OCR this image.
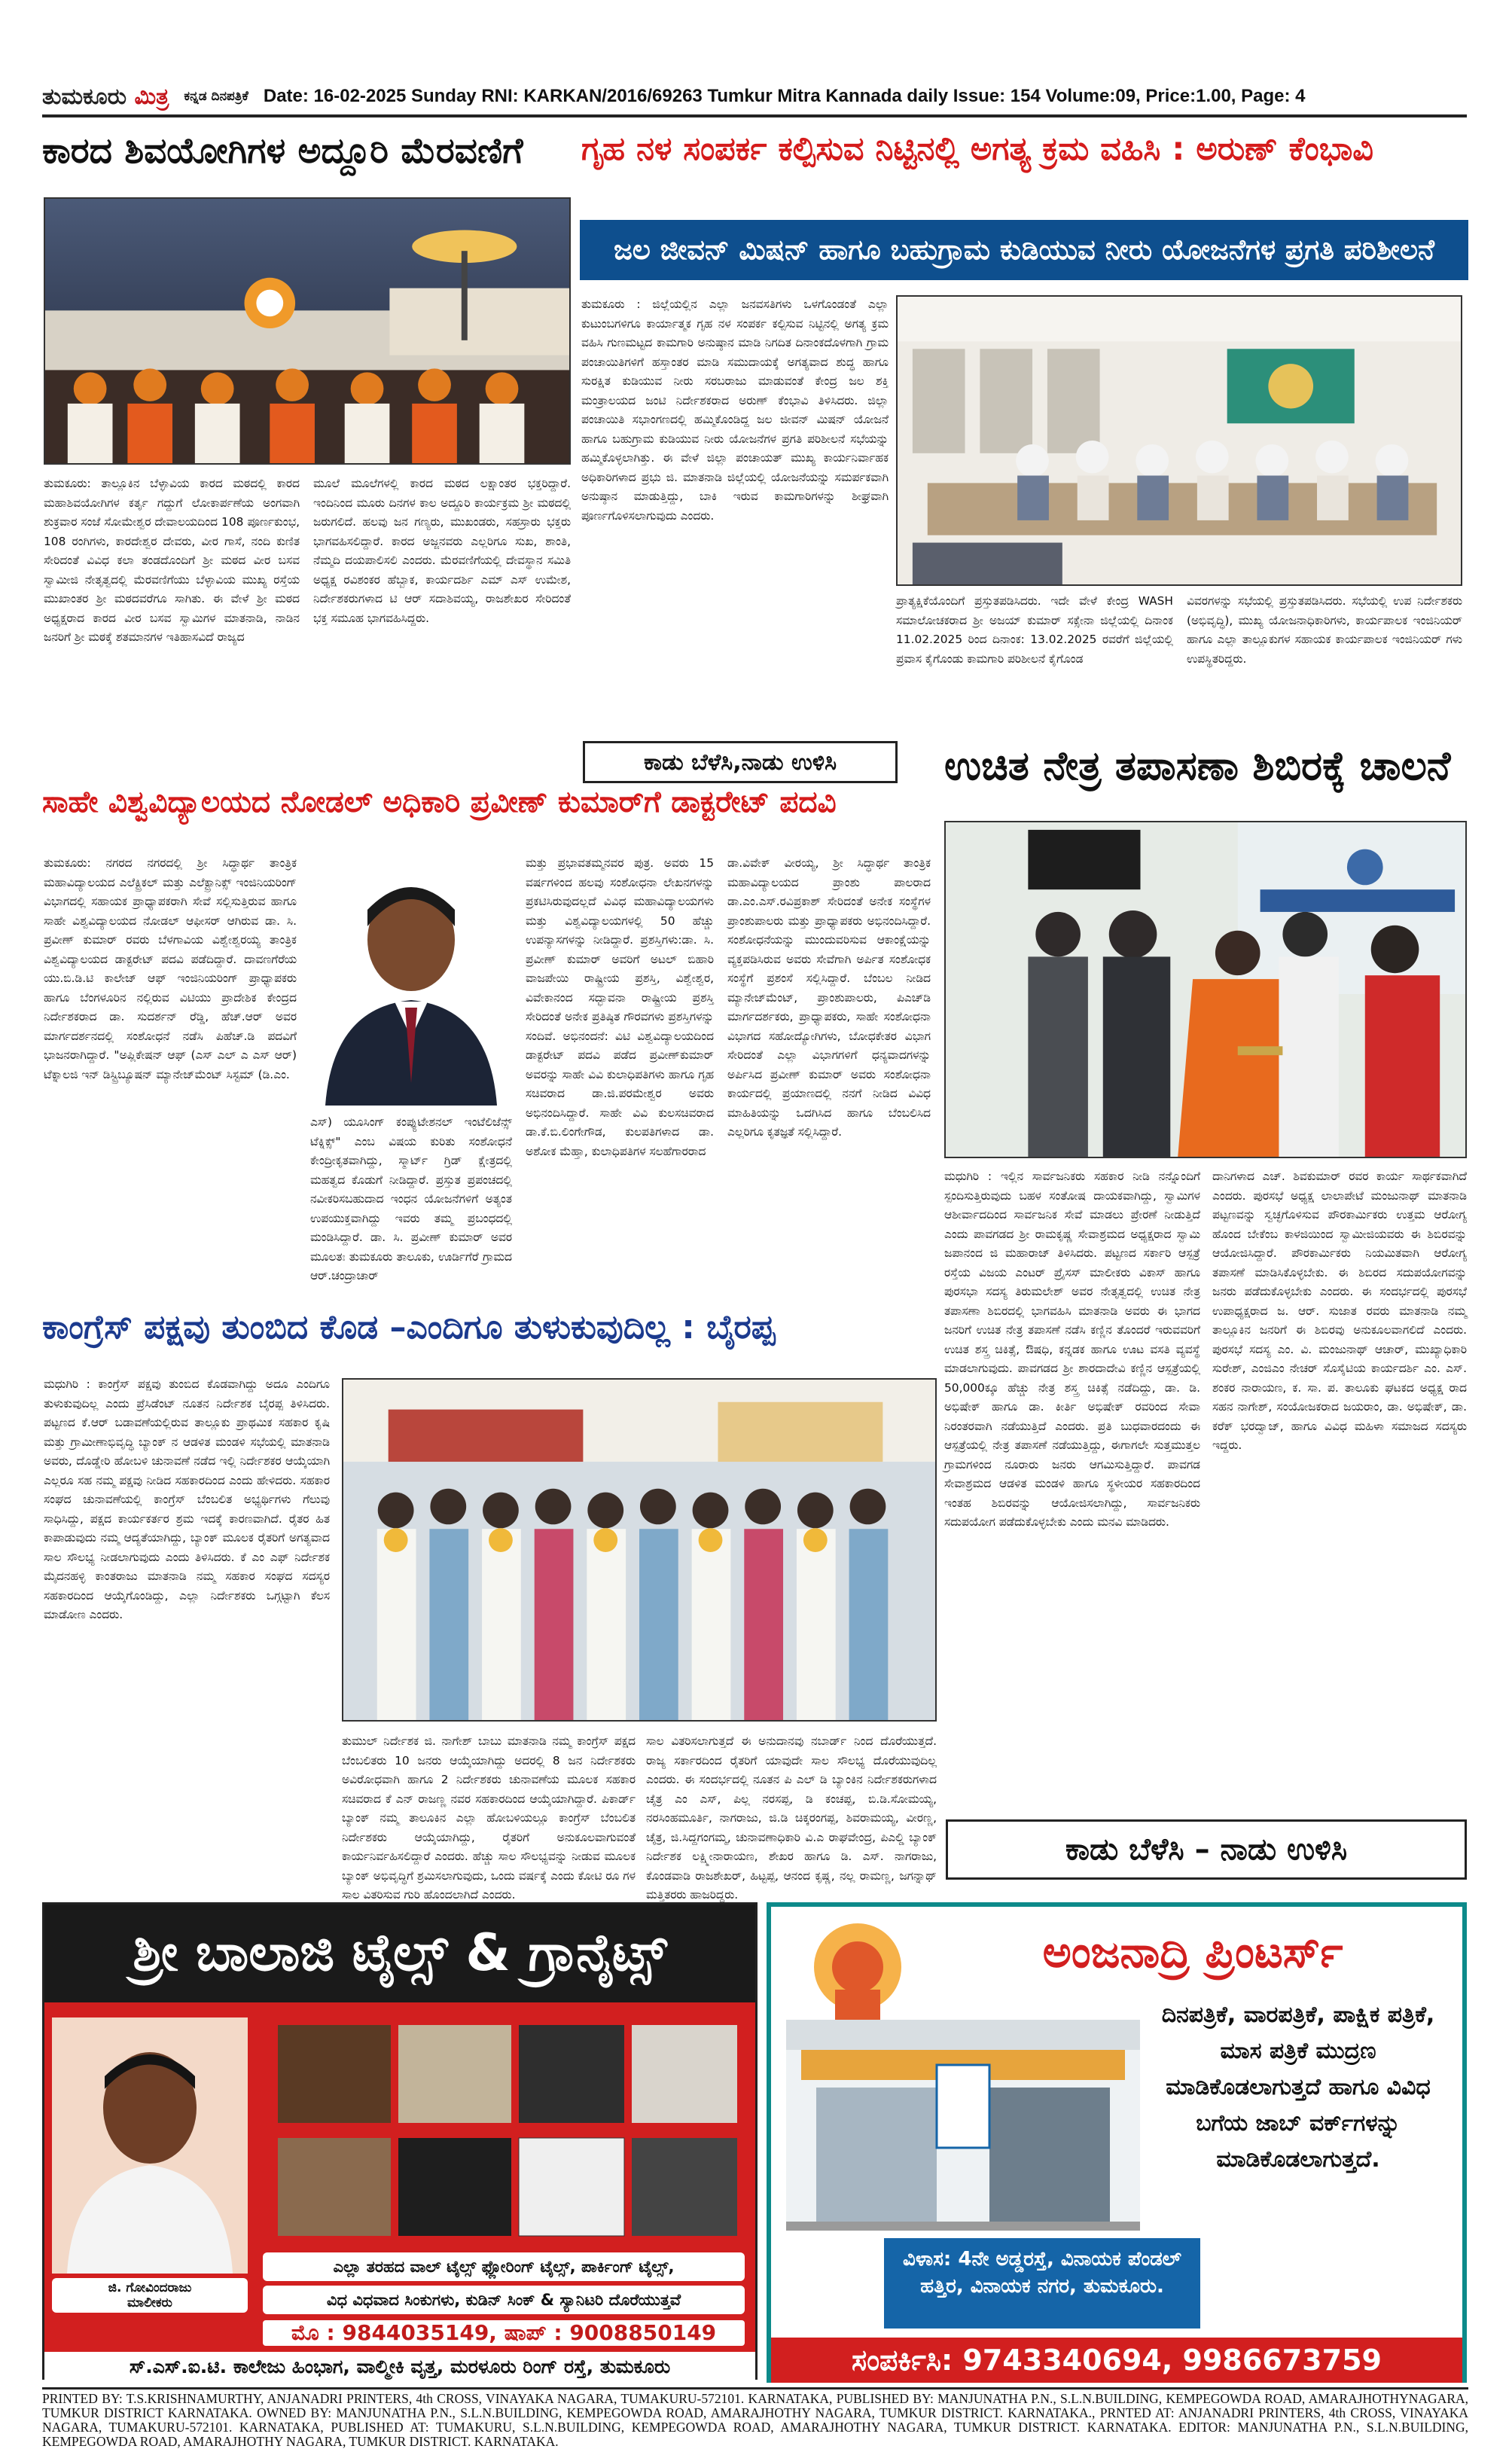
ತುಮಕೂರು ಮಿತ್ರ ಕನ್ನಡ ದಿನಪತ್ರಿಕೆ Date: 16-02-2025 Sunday RNI: KARKAN/2016/69263 Tumkur Mitra Kannada daily Issue: 154 Volume:09, Price:1.00, Page: 4
ಕಾರದ ಶಿವಯೋಗಿಗಳ ಅದ್ದೂರಿ ಮೆರವಣಿಗೆ
ತುಮಕೂರು: ತಾಲ್ಲೂಕಿನ ಬೆಳ್ಳಾವಿಯ ಕಾರದ ಮಠದಲ್ಲಿ ಕಾರದ ಮಹಾಶಿವಯೋಗಿಗಳ ಕರ್ತೃ ಗದ್ದುಗೆ ಲೋಕಾರ್ಪಣೆಯ ಅಂಗವಾಗಿ ಶುಕ್ರವಾರ ಸಂಜೆ ಸೋಮೇಶ್ವರ ದೇವಾಲಯದಿಂದ 108 ಪೂರ್ಣಕುಂಭ, 108 ರಂಗಿಗಳು, ಕಾರದೇಶ್ವರ ದೇವರು, ವೀರ ಗಾಸೆ, ನಂದಿ ಕುಣಿತ ಸೇರಿದಂತೆ ವಿವಿಧ ಕಲಾ ತಂಡದೊಂದಿಗೆ ಶ್ರೀ ಮಠದ ವೀರ ಬಸವ ಸ್ವಾಮೀಜಿ ನೇತೃತ್ವದಲ್ಲಿ ಮೆರವಣಿಗೆಯು ಬೆಳ್ಳಾವಿಯ ಮುಖ್ಯ ರಸ್ತೆಯ ಮುಖಾಂತರ ಶ್ರೀ ಮಠದವರೆಗೂ ಸಾಗಿತು. ಈ ವೇಳೆ ಶ್ರೀ ಮಠದ ಅಧ್ಯಕ್ಷರಾದ ಕಾರದ ವೀರ ಬಸವ ಸ್ವಾಮಿಗಳ ಮಾತನಾಡಿ, ನಾಡಿನ ಜನರಿಗೆ ಶ್ರೀ ಮಠಕ್ಕೆ ಶತಮಾನಗಳ ಇತಿಹಾಸವಿದೆ ರಾಜ್ಯದ
ಮೂಲೆ ಮೂಲೆಗಳಲ್ಲಿ ಕಾರದ ಮಠದ ಲಕ್ಷಾಂತರ ಭಕ್ತರಿದ್ದಾರೆ. ಇಂದಿನಿಂದ ಮೂರು ದಿನಗಳ ಕಾಲ ಅದ್ದೂರಿ ಕಾರ್ಯಕ್ರಮ ಶ್ರೀ ಮಠದಲ್ಲಿ ಜರುಗಲಿದೆ. ಹಲವು ಜನ ಗಣ್ಯರು, ಮುಖಂಡರು, ಸಹಸ್ರಾರು ಭಕ್ತರು ಭಾಗವಹಿಸಲಿದ್ದಾರೆ. ಕಾರದ ಅಜ್ಜನವರು ಎಲ್ಲರಿಗೂ ಸುಖ, ಶಾಂತಿ, ನೆಮ್ಮದಿ ದಯಪಾಲಿಸಲಿ ಎಂದರು. ಮೆರವಣಿಗೆಯಲ್ಲಿ ದೇವಸ್ಥಾನ ಸಮಿತಿ ಅಧ್ಯಕ್ಷ ರವಿಶಂಕರ ಹೆಬ್ಬಾಕ, ಕಾರ್ಯದರ್ಶಿ ಎಮ್ ಎಸ್ ಉಮೇಶ, ನಿರ್ದೇಶಕರುಗಳಾದ ಟಿ ಆರ್ ಸದಾಶಿವಯ್ಯ, ರಾಜಶೇಖರ ಸೇರಿದಂತೆ ಭಕ್ತ ಸಮೂಹ ಭಾಗವಹಿಸಿದ್ದರು.
ಗೃಹ ನಳ ಸಂಪರ್ಕ ಕಲ್ಪಿಸುವ ನಿಟ್ಟಿನಲ್ಲಿ ಅಗತ್ಯ ಕ್ರಮ ವಹಿಸಿ : ಅರುಣ್ ಕೆಂಭಾವಿ
ಜಲ ಜೀವನ್ ಮಿಷನ್ ಹಾಗೂ ಬಹುಗ್ರಾಮ ಕುಡಿಯುವ ನೀರು ಯೋಜನೆಗಳ ಪ್ರಗತಿ ಪರಿಶೀಲನೆ
ತುಮಕೂರು : ಜಿಲ್ಲೆಯಲ್ಲಿನ ಎಲ್ಲಾ ಜನವಸತಿಗಳು ಒಳಗೊಂಡಂತೆ ಎಲ್ಲಾ ಕುಟುಂಬಗಳಿಗೂ ಕಾರ್ಯಾತ್ಮಕ ಗೃಹ ನಳ ಸಂಪರ್ಕ ಕಲ್ಪಿಸುವ ನಿಟ್ಟಿನಲ್ಲಿ ಅಗತ್ಯ ಕ್ರಮ ವಹಿಸಿ ಗುಣಮಟ್ಟದ ಕಾಮಗಾರಿ ಅನುಷ್ಠಾನ ಮಾಡಿ ನಿಗದಿತ ದಿನಾಂಕದೊಳಗಾಗಿ ಗ್ರಾಮ ಪಂಚಾಯಿತಿಗಳಿಗೆ ಹಸ್ತಾಂತರ ಮಾಡಿ ಸಮುದಾಯಕ್ಕೆ ಅಗತ್ಯವಾದ ಶುದ್ಧ ಹಾಗೂ ಸುರಕ್ಷಿತ ಕುಡಿಯುವ ನೀರು ಸರಬರಾಜು ಮಾಡುವಂತೆ ಕೇಂದ್ರ ಜಲ ಶಕ್ತಿ ಮಂತ್ರಾಲಯದ ಜಂಟಿ ನಿರ್ದೇಶಕರಾದ ಅರುಣ್ ಕೆಂಭಾವಿ ತಿಳಿಸಿದರು. ಜಿಲ್ಲಾ ಪಂಚಾಯಿತಿ ಸಭಾಂಗಣದಲ್ಲಿ ಹಮ್ಮಿಕೊಂಡಿದ್ದ ಜಲ ಜೀವನ್ ಮಿಷನ್ ಯೋಜನೆ ಹಾಗೂ ಬಹುಗ್ರಾಮ ಕುಡಿಯುವ ನೀರು ಯೋಜನೆಗಳ ಪ್ರಗತಿ ಪರಿಶೀಲನೆ ಸಭೆಯನ್ನು ಹಮ್ಮಿಕೊಳ್ಳಲಾಗಿತ್ತು. ಈ ವೇಳೆ ಜಿಲ್ಲಾ ಪಂಚಾಯತ್ ಮುಖ್ಯ ಕಾರ್ಯನಿರ್ವಾಹಕ ಅಧಿಕಾರಿಗಳಾದ ಪ್ರಭು ಜಿ. ಮಾತನಾಡಿ ಜಿಲ್ಲೆಯಲ್ಲಿ ಯೋಜನೆಯನ್ನು ಸಮರ್ಪಕವಾಗಿ ಅನುಷ್ಠಾನ ಮಾಡುತ್ತಿದ್ದು, ಬಾಕಿ ಇರುವ ಕಾಮಗಾರಿಗಳನ್ನು ಶೀಘ್ರವಾಗಿ ಪೂರ್ಣಗೊಳಿಸಲಾಗುವುದು ಎಂದರು.
ಪ್ರಾತ್ಯಕ್ಷಿಕೆಯೊಂದಿಗೆ ಪ್ರಸ್ತುತಪಡಿಸಿದರು. ಇದೇ ವೇಳೆ ಕೇಂದ್ರ WASH ಸಮಾಲೋಚಕರಾದ ಶ್ರೀ ಅಜಯ್ ಕುಮಾರ್ ಸಕ್ಸೇನಾ ಜಿಲ್ಲೆಯಲ್ಲಿ ದಿನಾಂಕ 11.02.2025 ರಿಂದ ದಿನಾಂಕ: 13.02.2025 ರವರೆಗೆ ಜಿಲ್ಲೆಯಲ್ಲಿ ಪ್ರವಾಸ ಕೈಗೊಂಡು ಕಾಮಗಾರಿ ಪರಿಶೀಲನೆ ಕೈಗೊಂಡ
ವಿವರಗಳನ್ನು ಸಭೆಯಲ್ಲಿ ಪ್ರಸ್ತುತಪಡಿಸಿದರು. ಸಭೆಯಲ್ಲಿ ಉಪ ನಿರ್ದೇಶಕರು (ಅಭಿವೃದ್ಧಿ), ಮುಖ್ಯ ಯೋಜನಾಧಿಕಾರಿಗಳು, ಕಾರ್ಯಪಾಲಕ ಇಂಜಿನಿಯರ್ ಹಾಗೂ ಎಲ್ಲಾ ತಾಲ್ಲೂಕುಗಳ ಸಹಾಯಕ ಕಾರ್ಯಪಾಲಕ ಇಂಜಿನಿಯರ್ ಗಳು ಉಪಸ್ಥಿತರಿದ್ದರು.
ಕಾಡು ಬೆಳೆಸಿ,ನಾಡು ಉಳಿಸಿ	ಉಚಿತ ನೇತ್ರ ತಪಾಸಣಾ ಶಿಬಿರಕ್ಕೆ ಚಾಲನೆ
ಮಧುಗಿರಿ : ಇಲ್ಲಿನ ಸಾರ್ವಜನಿಕರು ಸಹಕಾರ ನೀಡಿ ನನ್ನೊಂದಿಗೆ ಸ್ಪಂದಿಸುತ್ತಿರುವುದು ಬಹಳ ಸಂತೋಷ ದಾಯಕವಾಗಿದ್ದು, ಸ್ವಾಮಿಗಳ ಆಶೀರ್ವಾದದಿಂದ ಸಾರ್ವಜನಿಕ ಸೇವೆ ಮಾಡಲು ಪ್ರೇರಣೆ ನೀಡುತ್ತಿದೆ ಎಂದು ಪಾವಗಡದ ಶ್ರೀ ರಾಮಕೃಷ್ಣ ಸೇವಾಶ್ರಮದ ಅಧ್ಯಕ್ಷರಾದ ಸ್ವಾಮಿ ಜಪಾನಂದ ಜಿ ಮಹಾರಾಜ್ ತಿಳಿಸಿದರು. ಪಟ್ಟಣದ ಸರ್ಕಾರಿ ಆಸ್ಪತ್ರೆ ರಸ್ತೆಯ ವಿಜಯ ಎಂಟರ್ ಪ್ರೈಸಸ್ ಮಾಲೀಕರು ವಿಕಾಸ್ ಹಾಗೂ ಪುರಸಭಾ ಸದಸ್ಯ ತಿರುಮಲೇಶ್ ಅವರ ನೇತೃತ್ವದಲ್ಲಿ ಉಚಿತ ನೇತ್ರ ತಪಾಸಣಾ ಶಿಬಿರದಲ್ಲಿ ಭಾಗವಹಿಸಿ ಮಾತನಾಡಿ ಅವರು ಈ ಭಾಗದ ಜನರಿಗೆ ಉಚಿತ ನೇತ್ರ ತಪಾಸಣೆ ನಡೆಸಿ ಕಣ್ಣಿನ ತೊಂದರೆ ಇರುವವರಿಗೆ ಉಚಿತ ಶಸ್ತ್ರ ಚಿಕಿತ್ಸೆ, ಔಷಧಿ, ಕನ್ನಡಕ ಹಾಗೂ ಊಟ ವಸತಿ ವ್ಯವಸ್ಥೆ ಮಾಡಲಾಗುವುದು. ಪಾವಗಡದ ಶ್ರೀ ಶಾರದಾದೇವಿ ಕಣ್ಣಿನ ಆಸ್ಪತ್ರೆಯಲ್ಲಿ 50,000ಕ್ಕೂ ಹೆಚ್ಚು ನೇತ್ರ ಶಸ್ತ್ರ ಚಿಕಿತ್ಸೆ ನಡೆದಿದ್ದು, ಡಾ. ಡಿ. ಅಭಿಷೇಕ್ ಹಾಗೂ ಡಾ. ಕೀರ್ತಿ ಅಭಿಷೇಕ್ ರವರಿಂದ ಸೇವಾ ನಿರಂತರವಾಗಿ ನಡೆಯುತ್ತಿದೆ ಎಂದರು. ಪ್ರತಿ ಬುಧವಾರದಂದು ಈ ಆಸ್ಪತ್ರೆಯಲ್ಲಿ ನೇತ್ರ ತಪಾಸಣೆ ನಡೆಯುತ್ತಿದ್ದು, ಈಗಾಗಲೇ ಸುತ್ತಮುತ್ತಲ ಗ್ರಾಮಗಳಿಂದ ನೂರಾರು ಜನರು ಆಗಮಿಸುತ್ತಿದ್ದಾರೆ. ಪಾವಗಡ ಸೇವಾಶ್ರಮದ ಆಡಳಿತ ಮಂಡಳಿ ಹಾಗೂ ಸ್ಥಳೀಯರ ಸಹಕಾರದಿಂದ ಇಂತಹ ಶಿಬಿರವನ್ನು ಆಯೋಜಿಸಲಾಗಿದ್ದು, ಸಾರ್ವಜನಿಕರು ಸದುಪಯೋಗ ಪಡೆದುಕೊಳ್ಳಬೇಕು ಎಂದು ಮನವಿ ಮಾಡಿದರು.
ದಾನಿಗಳಾದ ಎಚ್. ಶಿವಕುಮಾರ್ ರವರ ಕಾರ್ಯ ಸಾರ್ಥಕವಾಗಿದೆ ಎಂದರು. ಪುರಸಭೆ ಅಧ್ಯಕ್ಷ ಲಾಲಾಪೇಟೆ ಮಂಜುನಾಥ್ ಮಾತನಾಡಿ ಪಟ್ಟಣವನ್ನು ಸ್ವಚ್ಛಗೊಳಿಸುವ ಪೌರಕಾರ್ಮಿಕರು ಉತ್ತಮ ಆರೋಗ್ಯ ಹೊಂದ ಬೇಕೆಂಬ ಕಾಳಜಿಯಿಂದ ಸ್ವಾಮೀಜಿಯವರು ಈ ಶಿಬಿರವನ್ನು ಆಯೋಜಿಸಿದ್ದಾರೆ. ಪೌರಕಾರ್ಮಿಕರು ನಿಯಮಿತವಾಗಿ ಆರೋಗ್ಯ ತಪಾಸಣೆ ಮಾಡಿಸಿಕೊಳ್ಳಬೇಕು. ಈ ಶಿಬಿರದ ಸದುಪಯೋಗವನ್ನು ಜನರು ಪಡೆದುಕೊಳ್ಳಬೇಕು ಎಂದರು. ಈ ಸಂದರ್ಭದಲ್ಲಿ ಪುರಸಭೆ ಉಪಾಧ್ಯಕ್ಷರಾದ ಜ. ಆರ್. ಸುಜಾತ ರವರು ಮಾತನಾಡಿ ನಮ್ಮ ತಾಲ್ಲೂಕಿನ ಜನರಿಗೆ ಈ ಶಿಬಿರವು ಅನುಕೂಲವಾಗಲಿದೆ ಎಂದರು. ಪುರಸಭೆ ಸದಸ್ಯ ಎಂ. ವಿ. ಮಂಜುನಾಥ್ ಆಚಾರ್, ಮುಖ್ಯಾಧಿಕಾರಿ ಸುರೇಶ್, ಎಂಜಿಎಂ ನೇಚರ್ ಸೊಸೈಟಿಯ ಕಾರ್ಯದರ್ಶಿ ಎಂ. ಎಸ್. ಶಂಕರ ನಾರಾಯಣ, ಕ. ಸಾ. ಪ. ತಾಲೂಕು ಘಟಕದ ಅಧ್ಯಕ್ಷ ರಾದ ಸಹನ ನಾಗೇಶ್, ಸಂಯೋಜಕರಾದ ಜಯರಾಂ, ಡಾ. ಅಭಿಷೇಕ್, ಡಾ. ಕರೆಕ್ ಭರದ್ವಾಜ್, ಹಾಗೂ ವಿವಿಧ ಮಹಿಳಾ ಸಮಾಜದ ಸದಸ್ಯರು ಇದ್ದರು.
ಸಾಹೇ ವಿಶ್ವವಿದ್ಯಾಲಯದ ನೋಡಲ್ ಅಧಿಕಾರಿ ಪ್ರವೀಣ್ ಕುಮಾರ್‌ಗೆ ಡಾಕ್ಟರೇಟ್ ಪದವಿ
ತುಮಕೂರು: ನಗರದ ನಗರದಲ್ಲಿ ಶ್ರೀ ಸಿದ್ಧಾರ್ಥ ತಾಂತ್ರಿಕ ಮಹಾವಿದ್ಯಾಲಯದ ಎಲೆಕ್ಟ್ರಿಕಲ್ ಮತ್ತು ಎಲೆಕ್ಟ್ರಾನಿಕ್ಸ್ ಇಂಜಿನಿಯರಿಂಗ್ ವಿಭಾಗದಲ್ಲಿ ಸಹಾಯಕ ಪ್ರಾಧ್ಯಾಪಕರಾಗಿ ಸೇವೆ ಸಲ್ಲಿಸುತ್ತಿರುವ ಹಾಗೂ ಸಾಹೇ ವಿಶ್ವವಿದ್ಯಾಲಯದ ನೋಡಲ್ ಆಫೀಸರ್ ಆಗಿರುವ ಡಾ. ಸಿ. ಪ್ರವೀಣ್ ಕುಮಾರ್ ರವರು ಬೆಳಗಾವಿಯ ವಿಶ್ವೇಶ್ವರಯ್ಯ ತಾಂತ್ರಿಕ ವಿಶ್ವವಿದ್ಯಾಲಯದ ಡಾಕ್ಟರೇಟ್ ಪದವಿ ಪಡೆದಿದ್ದಾರೆ. ದಾವಣಗೆರೆಯ ಯು.ಬಿ.ಡಿ.ಟಿ ಕಾಲೇಜ್ ಆಫ್ ಇಂಜಿನಿಯರಿಂಗ್ ಪ್ರಾಧ್ಯಾಪಕರು ಹಾಗೂ ಬೆಂಗಳೂರಿನ ನಲ್ಲಿರುವ ವಿಟಿಯು ಪ್ರಾದೇಶಿಕ ಕೇಂದ್ರದ ನಿರ್ದೇಶಕರಾದ ಡಾ. ಸುದರ್ಶನ್ ರೆಡ್ಡಿ, ಹೆಚ್.ಆರ್ ಅವರ ಮಾರ್ಗದರ್ಶನದಲ್ಲಿ ಸಂಶೋಧನೆ ನಡೆಸಿ ಪಿಹೆಚ್.ಡಿ ಪದವಿಗೆ ಭಾಜನರಾಗಿದ್ದಾರೆ. "ಅಪ್ಲಿಕೇಷನ್ ಆಫ್ (ಎಸ್ ಎಲ್ ಎ ಎಸ್ ಆರ್) ಟೆಕ್ನಾಲಜಿ ಇನ್ ಡಿಸ್ಟ್ರಿಬ್ಯೂಷನ್ ಮ್ಯಾನೇಜ್‌ಮೆಂಟ್ ಸಿಸ್ಟಮ್ (ಡಿ.ಎಂ.
ಎಸ್) ಯೂಸಿಂಗ್ ಕಂಪ್ಯುಟೇಶನಲ್ ಇಂಟೆಲಿಜೆನ್ಸ್ ಟೆಕ್ನಿಕ್ಸ್" ಎಂಬ ವಿಷಯ ಕುರಿತು ಸಂಶೋಧನೆ ಕೇಂದ್ರೀಕೃತವಾಗಿದ್ದು, ಸ್ಮಾರ್ಟ್ ಗ್ರಿಡ್ ಕ್ಷೇತ್ರದಲ್ಲಿ ಮಹತ್ವದ ಕೊಡುಗೆ ನೀಡಿದ್ದಾರೆ. ಪ್ರಸ್ತುತ ಪ್ರಪಂಚದಲ್ಲಿ ನವೀಕರಿಸಬಹುದಾದ ಇಂಧನ ಯೋಜನೆಗಳಿಗೆ ಅತ್ಯಂತ ಉಪಯುಕ್ತವಾಗಿದ್ದು ಇವರು ತಮ್ಮ ಪ್ರಬಂಧದಲ್ಲಿ ಮಂಡಿಸಿದ್ದಾರೆ. ಡಾ. ಸಿ. ಪ್ರವೀಣ್ ಕುಮಾರ್ ಅವರ ಮೂಲತಃ ತುಮಕೂರು ತಾಲೂಕು, ಊರ್ಡಿಗೆರೆ ಗ್ರಾಮದ ಆರ್.ಚಂದ್ರಾಚಾರ್
ಮತ್ತು ಪ್ರಭಾವತಮ್ಮನವರ ಪುತ್ರ. ಅವರು 15 ವರ್ಷಗಳಿಂದ ಹಲವು ಸಂಶೋಧನಾ ಲೇಖನಗಳನ್ನು ಪ್ರಕಟಿಸಿರುವುದಲ್ಲದೆ ವಿವಿಧ ಮಹಾವಿದ್ಯಾಲಯಗಳು ಮತ್ತು ವಿಶ್ವವಿದ್ಯಾಲಯಗಳಲ್ಲಿ 50 ಹೆಚ್ಚು ಉಪನ್ಯಾಸಗಳನ್ನು ನೀಡಿದ್ದಾರೆ. ಪ್ರಶಸ್ತಿಗಳು:ಡಾ. ಸಿ. ಪ್ರವೀಣ್ ಕುಮಾರ್ ಅವರಿಗೆ ಅಟಲ್ ಬಿಹಾರಿ ವಾಜಪೇಯಿ ರಾಷ್ಟ್ರೀಯ ಪ್ರಶಸ್ತಿ, ವಿಶ್ವೇಶ್ವರ, ವಿವೇಕಾನಂದ ಸದ್ಭಾವನಾ ರಾಷ್ಟ್ರೀಯ ಪ್ರಶಸ್ತಿ ಸೇರಿದಂತೆ ಅನೇಕ ಪ್ರತಿಷ್ಠಿತ ಗೌರವಗಳು ಪ್ರಶಸ್ತಿಗಳನ್ನು ಸಂದಿವೆ. ಅಭಿನಂದನೆ: ವಿಟಿ ವಿಶ್ವವಿದ್ಯಾಲಯದಿಂದ ಡಾಕ್ಟರೇಟ್ ಪದವಿ ಪಡೆದ ಪ್ರವೀಣ್‌ಕುಮಾರ್ ಅವರನ್ನು ಸಾಹೇ ವಿವಿ ಕುಲಾಧಿಪತಿಗಳು ಹಾಗೂ ಗೃಹ ಸಚಿವರಾದ ಡಾ.ಜಿ.ಪರಮೇಶ್ವರ ಅವರು ಅಭಿನಂದಿಸಿದ್ದಾರೆ. ಸಾಹೇ ವಿವಿ ಕುಲಸಚಿವರಾದ ಡಾ.ಕೆ.ಬಿ.ಲಿಂಗೇಗೌಡ, ಕುಲಪತಿಗಳಾದ ಡಾ. ಅಶೋಕ ಮೆಹ್ತಾ, ಕುಲಾಧಿಪತಿಗಳ ಸಲಹೆಗಾರರಾದ
ಡಾ.ವಿವೇಕ್ ವೀರಯ್ಯ, ಶ್ರೀ ಸಿದ್ಧಾರ್ಥ ತಾಂತ್ರಿಕ ಮಹಾವಿದ್ಯಾಲಯದ ಪ್ರಾಂಶು ಪಾಲರಾದ ಡಾ.ಎಂ.ಎಸ್.ರವಿಪ್ರಕಾಶ್ ಸೇರಿದಂತೆ ಅನೇಕ ಸಂಸ್ಥೆಗಳ ಪ್ರಾಂಶುಪಾಲರು ಮತ್ತು ಪ್ರಾಧ್ಯಾಪಕರು ಅಭಿನಂದಿಸಿದ್ದಾರೆ. ಸಂಶೋಧನೆಯನ್ನು ಮುಂದುವರಿಸುವ ಆಕಾಂಕ್ಷೆಯನ್ನು ವ್ಯಕ್ತಪಡಿಸಿರುವ ಅವರು ಸೇವೆಗಾಗಿ ಅರ್ಪಿತ ಸಂಶೋಧಕ ಸಂಸ್ಥೆಗೆ ಪ್ರಶಂಸೆ ಸಲ್ಲಿಸಿದ್ದಾರೆ. ಬೆಂಬಲ ನೀಡಿದ ಮ್ಯಾನೇಜ್‌ಮೆಂಟ್, ಪ್ರಾಂಶುಪಾಲರು, ಪಿಎಚ್‌ಡಿ ಮಾರ್ಗದರ್ಶಕರು, ಪ್ರಾಧ್ಯಾಪಕರು, ಸಾಹೇ ಸಂಶೋಧನಾ ವಿಭಾಗದ ಸಹೋದ್ಯೋಗಿಗಳು, ಬೋಧಕೇತರ ವಿಭಾಗ ಸೇರಿದಂತೆ ಎಲ್ಲಾ ವಿಭಾಗಗಳಿಗೆ ಧನ್ಯವಾದಗಳನ್ನು ಅರ್ಪಿಸಿದ ಪ್ರವೀಣ್ ಕುಮಾರ್ ಅವರು ಸಂಶೋಧನಾ ಕಾರ್ಯದಲ್ಲಿ ಪ್ರಯಾಣದಲ್ಲಿ ನನಗೆ ನೀಡಿದ ವಿವಿಧ ಮಾಹಿತಿಯನ್ನು ಒದಗಿಸಿದ ಹಾಗೂ ಬೆಂಬಲಿಸಿದ ಎಲ್ಲರಿಗೂ ಕೃತಜ್ಞತೆ ಸಲ್ಲಿಸಿದ್ದಾರೆ.
ಕಾಂಗ್ರೆಸ್ ಪಕ್ಷವು ತುಂಬಿದ ಕೊಡ –ಎಂದಿಗೂ ತುಳುಕುವುದಿಲ್ಲ : ಬೈರಪ್ಪ
ಮಧುಗಿರಿ : ಕಾಂಗ್ರೆಸ್ ಪಕ್ಷವು ತುಂಬಿದ ಕೊಡವಾಗಿದ್ದು ಅದೂ ಎಂದಿಗೂ ತುಳುಕುವುದಿಲ್ಲ ಎಂದು ಪ್ರೆಸಿಡೆಂಟ್ ನೂತನ ನಿರ್ದೇಶಕ ಬೈರಪ್ಪ ತಿಳಿಸಿದರು. ಪಟ್ಟಣದ ಕೆ.ಆರ್ ಬಡಾವಣೆಯಲ್ಲಿರುವ ತಾಲ್ಲೂಕು ಪ್ರಾಥಮಿಕ ಸಹಕಾರ ಕೃಷಿ ಮತ್ತು ಗ್ರಾಮೀಣಾಭಿವೃದ್ಧಿ ಬ್ಯಾಂಕ್ ನ ಆಡಳಿತ ಮಂಡಳಿ ಸಭೆಯಲ್ಲಿ ಮಾತನಾಡಿ ಅವರು, ದೊಡ್ಡೇರಿ ಹೋಬಳಿ ಚುನಾವಣೆ ನಡೆದ ಇಲ್ಲಿ ನಿರ್ದೇಶಕರ ಆಯ್ಕೆಯಾಗಿ ಎಲ್ಲರೂ ಸಹ ನಮ್ಮ ಪಕ್ಷವು ನೀಡಿದ ಸಹಕಾರದಿಂದ ಎಂದು ಹೇಳಿದರು. ಸಹಕಾರ ಸಂಘದ ಚುನಾವಣೆಯಲ್ಲಿ ಕಾಂಗ್ರೆಸ್ ಬೆಂಬಲಿತ ಅಭ್ಯರ್ಥಿಗಳು ಗೆಲುವು ಸಾಧಿಸಿದ್ದು, ಪಕ್ಷದ ಕಾರ್ಯಕರ್ತರ ಶ್ರಮ ಇದಕ್ಕೆ ಕಾರಣವಾಗಿದೆ. ರೈತರ ಹಿತ ಕಾಪಾಡುವುದು ನಮ್ಮ ಆದ್ಯತೆಯಾಗಿದ್ದು, ಬ್ಯಾಂಕ್ ಮೂಲಕ ರೈತರಿಗೆ ಅಗತ್ಯವಾದ ಸಾಲ ಸೌಲಭ್ಯ ನೀಡಲಾಗುವುದು ಎಂದು ತಿಳಿಸಿದರು. ಕೆ ಎಂ ಎಫ್ ನಿರ್ದೇಶಕ ಮೈದನಹಳ್ಳಿ ಕಾಂತರಾಜು ಮಾತನಾಡಿ ನಮ್ಮ ಸಹಕಾರ ಸಂಘದ ಸದಸ್ಯರ ಸಹಕಾರದಿಂದ ಆಯ್ಕೆಗೊಂಡಿದ್ದು, ಎಲ್ಲಾ ನಿರ್ದೇಶಕರು ಒಗ್ಗಟ್ಟಾಗಿ ಕೆಲಸ ಮಾಡೋಣ ಎಂದರು.
ತುಮುಲ್ ನಿರ್ದೇಶಕ ಜಿ. ನಾಗೇಶ್ ಬಾಬು ಮಾತನಾಡಿ ನಮ್ಮ ಕಾಂಗ್ರೆಸ್ ಪಕ್ಷದ ಬೆಂಬಲಿತರು 10 ಜನರು ಆಯ್ಕೆಯಾಗಿದ್ದು ಅದರಲ್ಲಿ 8 ಜನ ನಿರ್ದೇಶಕರು ಅವಿರೋಧವಾಗಿ ಹಾಗೂ 2 ನಿರ್ದೇಶಕರು ಚುನಾವಣೆಯ ಮೂಲಕ ಸಹಕಾರ ಸಚಿವರಾದ ಕೆ ಎನ್ ರಾಜಣ್ಣ ನವರ ಸಹಕಾರದಿಂದ ಆಯ್ಕೆಯಾಗಿದ್ದಾರೆ. ಪಿಕಾರ್ಡ್ ಬ್ಯಾಂಕ್ ನಮ್ಮ ತಾಲೂಕಿನ ಎಲ್ಲಾ ಹೋಬಳಿಯಲ್ಲೂ ಕಾಂಗ್ರೆಸ್ ಬೆಂಬಲಿತ ನಿರ್ದೇಶಕರು ಆಯ್ಕೆಯಾಗಿದ್ದು, ರೈತರಿಗೆ ಅನುಕೂಲವಾಗುವಂತೆ ಕಾರ್ಯನಿರ್ವಹಿಸಲಿದ್ದಾರೆ ಎಂದರು. ಹೆಚ್ಚು ಸಾಲ ಸೌಲಭ್ಯವನ್ನು ನೀಡುವ ಮೂಲಕ ಬ್ಯಾಂಕ್ ಅಭಿವೃದ್ಧಿಗೆ ಶ್ರಮಿಸಲಾಗುವುದು, ಒಂದು ವರ್ಷಕ್ಕೆ ಎಂದು ಕೋಟಿ ರೂ ಗಳ ಸಾಲ ವಿತರಿಸುವ ಗುರಿ ಹೊಂದಲಾಗಿದೆ ಎಂದರು.
ಸಾಲ ವಿತರಿಸಲಾಗುತ್ತದೆ ಈ ಅನುದಾನವು ನಬಾರ್ಡ್ ನಿಂದ ದೊರೆಯುತ್ತದೆ. ರಾಜ್ಯ ಸರ್ಕಾರದಿಂದ ರೈತರಿಗೆ ಯಾವುದೇ ಸಾಲ ಸೌಲಭ್ಯ ದೊರೆಯುವುದಿಲ್ಲ ಎಂದರು. ಈ ಸಂದರ್ಭದಲ್ಲಿ ನೂತನ ಪಿ ಎಲ್ ಡಿ ಬ್ಯಾಂಕಿನ ನಿರ್ದೇಶಕರುಗಳಾದ ಚೈತ್ರ ಎಂ ಎಸ್, ಪಿಲ್ಲ ನರಸಪ್ಪ, ಡಿ ಕಂಚಪ್ಪ, ಬಿ.ಡಿ.ಸೋಮಯ್ಯ, ನರಸಿಂಹಮೂರ್ತಿ, ನಾಗರಾಜು, ಜಿ.ಡಿ ಚಿಕ್ಕರಂಗಪ್ಪ, ಶಿವರಾಮಯ್ಯ, ವೀರಣ್ಣ, ಚೈತ್ರ, ಜಿ.ಸಿದ್ದಗಂಗಮ್ಮ, ಚುನಾವಣಾಧಿಕಾರಿ ವಿ.ಎ ರಾಘವೇಂದ್ರ, ಪಿಎಲ್ಡಿ ಬ್ಯಾಂಕ್ ನಿರ್ದೇಶಕ ಲಕ್ಷ್ಮೀನಾರಾಯಣ, ಶೇಖರ ಹಾಗೂ ಡಿ. ಎಸ್. ನಾಗರಾಜು, ಕೊಂಡವಾಡಿ ರಾಜಶೇಖರ್, ಹಿಟ್ಟಪ್ಪ, ಆನಂದ ಕೃಷ್ಣ, ನಲ್ಲ ರಾಮಣ್ಣ, ಜಗನ್ನಾಥ್ ಮತ್ತಿತರರು ಹಾಜರಿದ್ದರು.
ಕಾಡು ಬೆಳೆಸಿ – ನಾಡು ಉಳಿಸಿ
ಶ್ರೀ ಬಾಲಾಜಿ ಟೈಲ್ಸ್ & ಗ್ರಾನೈಟ್ಸ್
ಜಿ. ಗೋವಿಂದರಾಜು
ಮಾಲೀಕರು
ಎಲ್ಲಾ ತರಹದ ವಾಲ್ ಟೈಲ್ಸ್ ಫ್ಲೋರಿಂಗ್ ಟೈಲ್ಸ್, ಪಾರ್ಕಿಂಗ್ ಟೈಲ್ಸ್,
ವಿಧ ವಿಧವಾದ ಸಿಂಕುಗಳು, ಕುಡಿನ್ ಸಿಂಕ್ & ಸ್ಯಾನಿಟರಿ ದೊರೆಯುತ್ತವೆ
ಮೊ : 9844035149, ಷಾಪ್ : 9008850149
ಸ್.ಎಸ್.ಐ.ಟಿ. ಕಾಲೇಜು ಹಿಂಭಾಗ, ವಾಲ್ಮೀಕಿ ವೃತ್ತ, ಮರಳೂರು ರಿಂಗ್ ರಸ್ತೆ, ತುಮಕೂರು
ಅಂಜನಾದ್ರಿ ಪ್ರಿಂಟರ್ಸ್
ದಿನಪತ್ರಿಕೆ, ವಾರಪತ್ರಿಕೆ, ಪಾಕ್ಷಿಕ ಪತ್ರಿಕೆ, ಮಾಸ ಪತ್ರಿಕೆ ಮುದ್ರಣ ಮಾಡಿಕೊಡಲಾಗುತ್ತದೆ ಹಾಗೂ ವಿವಿಧ ಬಗೆಯ ಜಾಬ್ ವರ್ಕ್‌ಗಳನ್ನು ಮಾಡಿಕೊಡಲಾಗುತ್ತದೆ.
ವಿಳಾಸ: 4ನೇ ಅಡ್ಡರಸ್ತೆ, ವಿನಾಯಕ ಪೆಂಡಲ್ ಹತ್ತಿರ, ವಿನಾಯಕ ನಗರ, ತುಮಕೂರು.
ಸಂಪರ್ಕಿಸಿ: 9743340694, 9986673759
PRINTED BY: T.S.KRISHNAMURTHY, ANJANADRI PRINTERS, 4th CROSS, VINAYAKA NAGARA, TUMAKURU-572101. KARNATAKA, PUBLISHED BY: MANJUNATHA P.N., S.L.N.BUILDING, KEMPEGOWDA ROAD, AMARAJHOTHYNAGARA, TUMKUR DISTRICT KARNATAKA. OWNED BY: MANJUNATHA P.N., S.L.N.BUILDING, KEMPEGOWDA ROAD, AMARAJHOTHY NAGARA, TUMKUR DISTRICT. KARNATAKA., PRNTED AT: ANJANADRI PRINTERS, 4th CROSS, VINAYAKA NAGARA, TUMAKURU-572101. KARNATAKA, PUBLISHED AT: TUMAKURU, S.L.N.BUILDING, KEMPEGOWDA ROAD, AMARAJHOTHY NAGARA, TUMKUR DISTRICT. KARNATAKA. EDITOR: MANJUNATHA P.N., S.L.N.BUILDING, KEMPEGOWDA ROAD, AMARAJHOTHY NAGARA, TUMKUR DISTRICT. KARNATAKA.
